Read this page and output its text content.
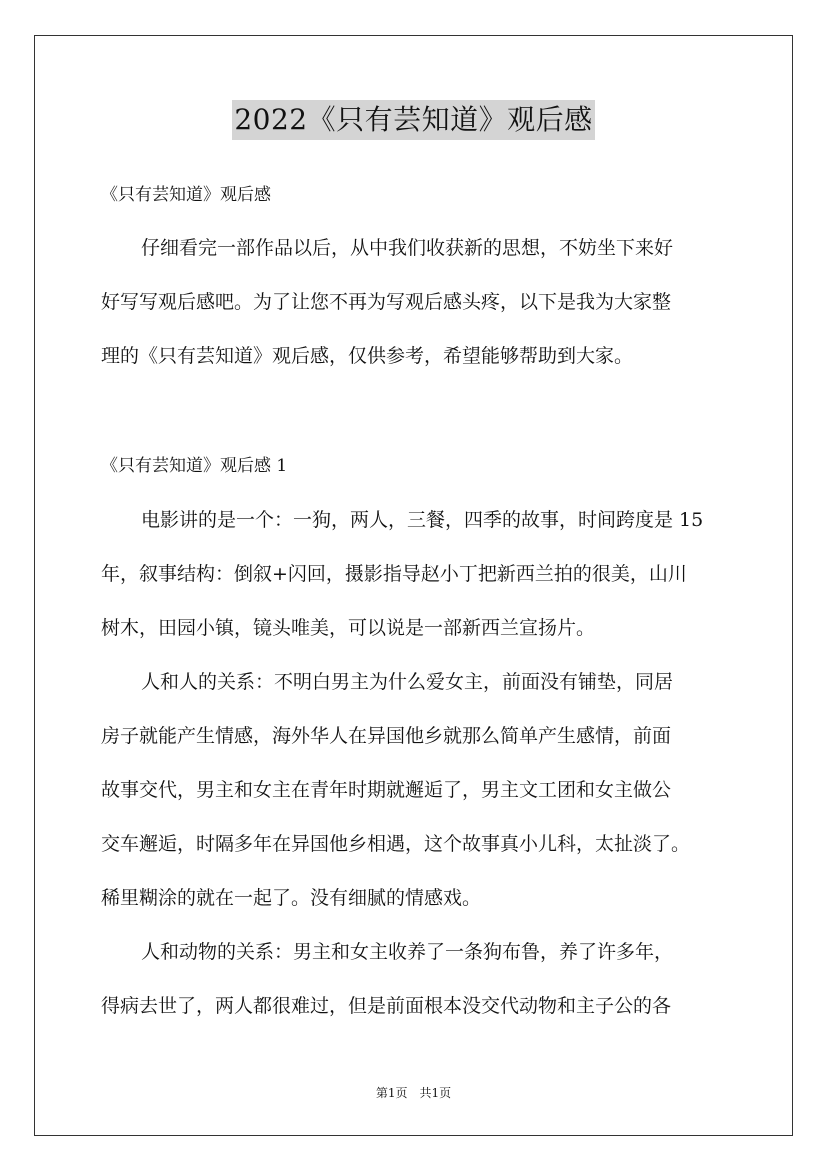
2022《只有芸知道》观后感
《只有芸知道》观后感
仔细看完一部作品以后，从中我们收获新的思想，不妨坐下来好
好写写观后感吧。为了让您不再为写观后感头疼，以下是我为大家整
理的《只有芸知道》观后感，仅供参考，希望能够帮助到大家。
《只有芸知道》观后感 1
电影讲的是一个：一狗，两人，三餐，四季的故事，时间跨度是 15
年，叙事结构：倒叙+闪回，摄影指导赵小丁把新西兰拍的很美，山川
树木，田园小镇，镜头唯美，可以说是一部新西兰宣扬片。
人和人的关系：不明白男主为什么爱女主，前面没有铺垫，同居
房子就能产生情感，海外华人在异国他乡就那么简单产生感情，前面
故事交代，男主和女主在青年时期就邂逅了，男主文工团和女主做公
交车邂逅，时隔多年在异国他乡相遇，这个故事真小儿科，太扯淡了。
稀里糊涂的就在一起了。没有细腻的情感戏。
人和动物的关系：男主和女主收养了一条狗布鲁，养了许多年，
得病去世了，两人都很难过，但是前面根本没交代动物和主子公的各
第1页　共1页
